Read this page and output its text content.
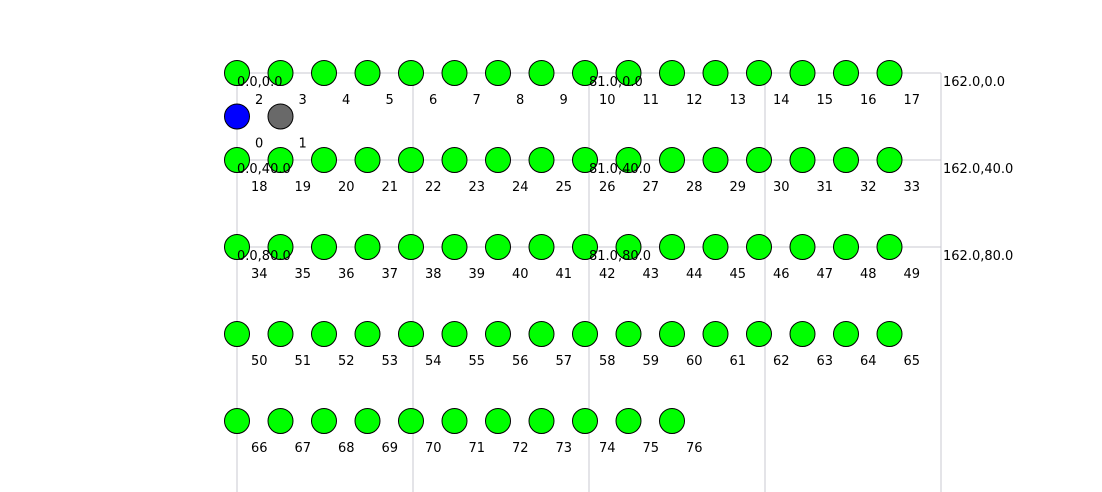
0	1
2	3	4	5	6	7	8	9 10 11 12 13 14 15 16 17
18 19 20 21 22 23 24 25 26 27 28 29 30 31 32 33
34 35 36 37 38 39 40 41 42 43 44 45 46 47 48 49
50 51 52 53 54 55 56 57 58 59 60 61 62 63 64 65
66 67 68 69 70 71 72 73 74 75 76
0.0,0.0	81.0,0.0	162.0,0.0
0.0,40.0	81.0,40.0	162.0,40.0
0.0,80.0	81.0,80.0	162.0,80.0
